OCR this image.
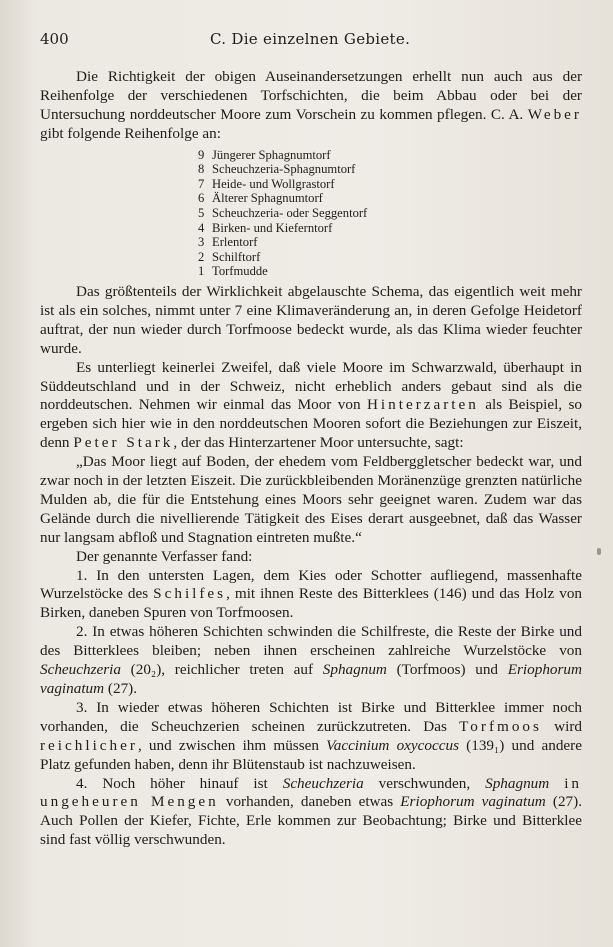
400	C. Die einzelnen Gebiete.

Die Richtigkeit der obigen Auseinandersetzungen erhellt nun auch aus der Reihenfolge der verschiedenen Torfschichten, die beim Abbau oder bei der Untersuchung norddeutscher Moore zum Vorschein zu kommen pflegen. C. A. Weber gibt folgende Reihenfolge an:

9 Jüngerer Sphagnumtorf
8 Scheuchzeria-Sphagnumtorf
7 Heide- und Wollgrastorf
6 Älterer Sphagnumtorf
5 Scheuchzeria- oder Seggentorf
4 Birken- und Kieferntorf
3 Erlentorf
2 Schilftorf
1 Torfmudde

Das größtenteils der Wirklichkeit abgelauschte Schema, das eigentlich weit mehr ist als ein solches, nimmt unter 7 eine Klimaveränderung an, in deren Gefolge Heidetorf auftrat, der nun wieder durch Torfmoose bedeckt wurde, als das Klima wieder feuchter wurde.

Es unterliegt keinerlei Zweifel, daß viele Moore im Schwarzwald, überhaupt in Süddeutschland und in der Schweiz, nicht erheblich anders gebaut sind als die norddeutschen. Nehmen wir einmal das Moor von Hinterzarten als Beispiel, so ergeben sich hier wie in den norddeutschen Mooren sofort die Beziehungen zur Eiszeit, denn Peter Stark, der das Hinterzartener Moor untersuchte, sagt:

„Das Moor liegt auf Boden, der ehedem vom Feldberggletscher bedeckt war, und zwar noch in der letzten Eiszeit. Die zurückbleibenden Moränenzüge grenzten natürliche Mulden ab, die für die Entstehung eines Moors sehr geeignet waren. Zudem war das Gelände durch die nivellierende Tätigkeit des Eises derart ausgeebnet, daß das Wasser nur langsam abfloß und Stagnation eintreten mußte.“

Der genannte Verfasser fand:

1. In den untersten Lagen, dem Kies oder Schotter aufliegend, massenhafte Wurzelstöcke des Schilfes, mit ihnen Reste des Bitterklees (146) und das Holz von Birken, daneben Spuren von Torfmoosen.

2. In etwas höheren Schichten schwinden die Schilfreste, die Reste der Birke und des Bitterklees bleiben; neben ihnen erscheinen zahlreiche Wurzelstöcke von Scheuchzeria (20₂), reichlicher treten auf Sphagnum (Torfmoos) und Eriophorum vaginatum (27).

3. In wieder etwas höheren Schichten ist Birke und Bitterklee immer noch vorhanden, die Scheuchzerien scheinen zurückzutreten. Das Torfmoos wird reichlicher, und zwischen ihm müssen Vaccinium oxycoccus (139₁) und andere Platz gefunden haben, denn ihr Blütenstaub ist nachzuweisen.

4. Noch höher hinauf ist Scheuchzeria verschwunden, Sphagnum in ungeheuren Mengen vorhanden, daneben etwas Eriophorum vaginatum (27). Auch Pollen der Kiefer, Fichte, Erle kommen zur Beobachtung; Birke und Bitterklee sind fast völlig verschwunden.
